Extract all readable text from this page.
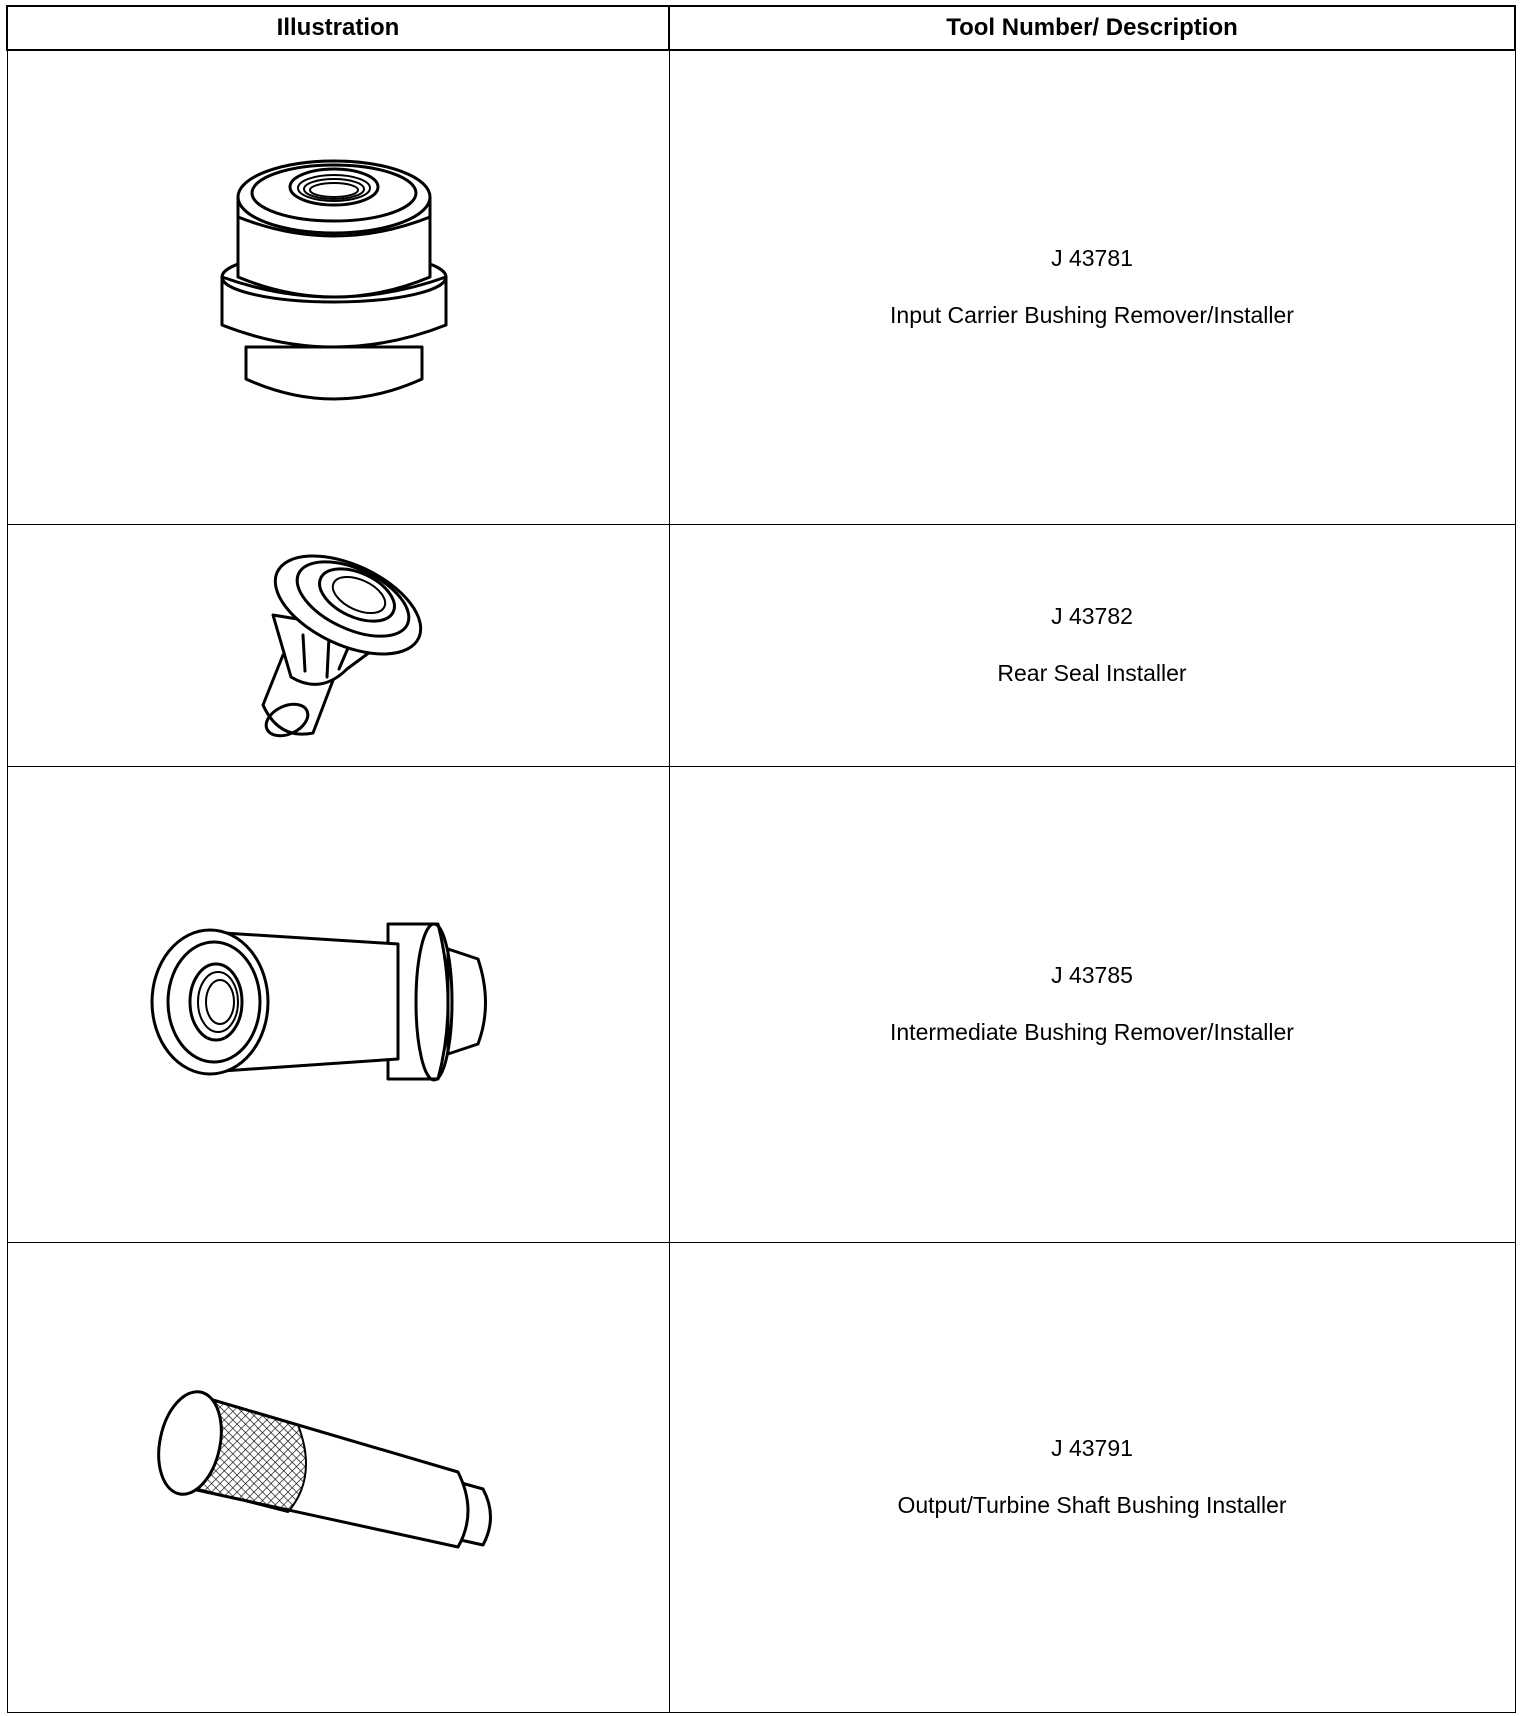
Illustration	Tool Number/ Description

J 43781
Input Carrier Bushing Remover/Installer

J 43782
Rear Seal Installer

J 43785
Intermediate Bushing Remover/Installer

J 43791
Output/Turbine Shaft Bushing Installer
